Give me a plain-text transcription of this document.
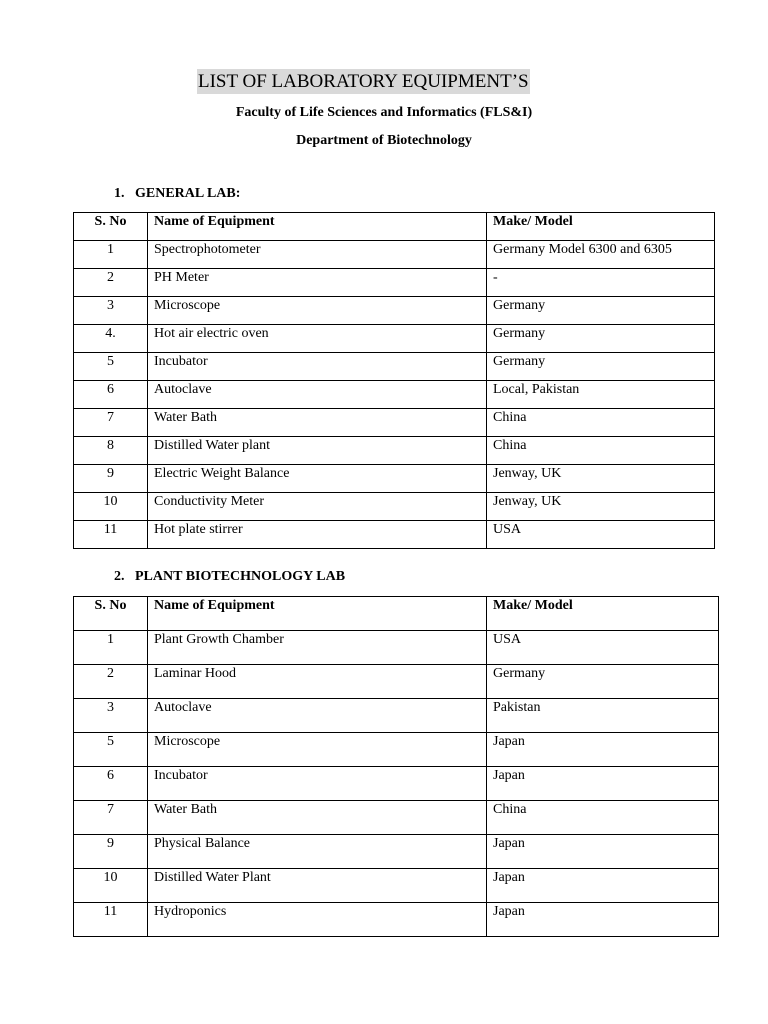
LIST OF LABORATORY EQUIPMENT’S
Faculty of Life Sciences and Informatics (FLS&I)
Department of Biotechnology
1. GENERAL LAB:
S. No	Name of Equipment	Make/ Model
1	Spectrophotometer	Germany Model 6300 and 6305
2	PH Meter	-
3	Microscope	Germany
4.	Hot air electric oven	Germany
5	Incubator	Germany
6	Autoclave	Local, Pakistan
7	Water Bath	China
8	Distilled Water plant	China
9	Electric Weight Balance	Jenway, UK
10	Conductivity Meter	Jenway, UK
11	Hot plate stirrer	USA
2. PLANT BIOTECHNOLOGY LAB
S. No	Name of Equipment	Make/ Model
1	Plant Growth Chamber	USA
2	Laminar Hood	Germany
3	Autoclave	Pakistan
5	Microscope	Japan
6	Incubator	Japan
7	Water Bath	China
9	Physical Balance	Japan
10	Distilled Water Plant	Japan
11	Hydroponics	Japan
